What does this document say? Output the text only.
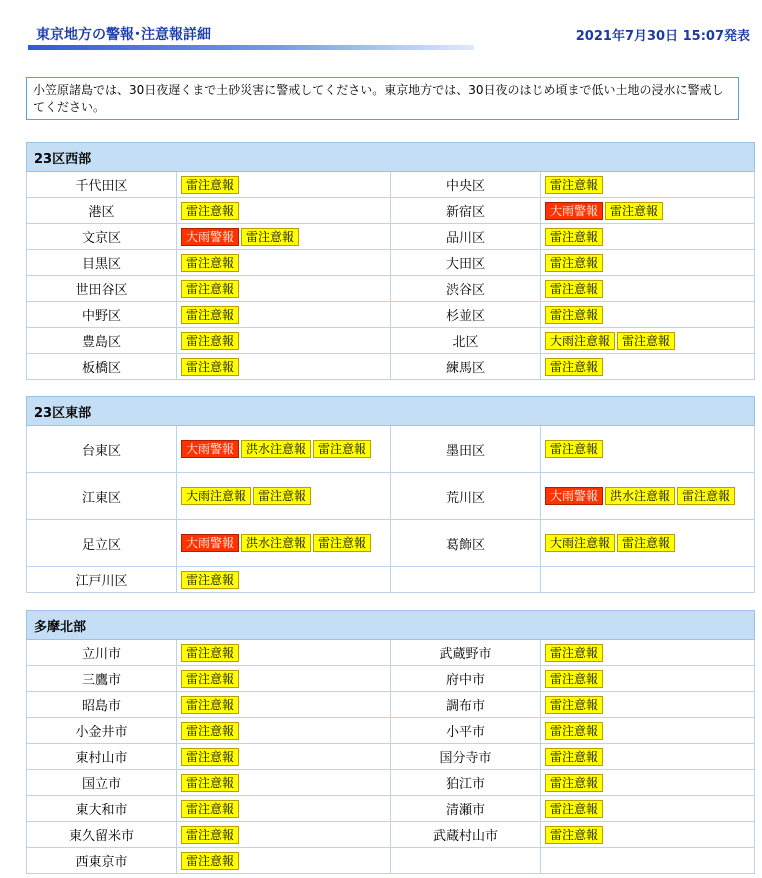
東京地方の警報･注意報詳細	2021年7月30日 15:07発表
小笠原諸島では、30日夜遅くまで土砂災害に警戒してください。東京地方では、30日夜のはじめ頃まで低い土地の浸水に警戒してください。
23区西部			
千代田区	雷注意報	中央区	雷注意報
港区	雷注意報	新宿区	大雨警報 雷注意報
文京区	大雨警報 雷注意報	品川区	雷注意報
目黒区	雷注意報	大田区	雷注意報
世田谷区	雷注意報	渋谷区	雷注意報
中野区	雷注意報	杉並区	雷注意報
豊島区	雷注意報	北区	大雨注意報 雷注意報
板橋区	雷注意報	練馬区	雷注意報
23区東部			
台東区	大雨警報 洪水注意報 雷注意報	墨田区	雷注意報
江東区	大雨注意報 雷注意報	荒川区	大雨警報 洪水注意報 雷注意報
足立区	大雨警報 洪水注意報 雷注意報	葛飾区	大雨注意報 雷注意報
江戸川区	雷注意報		
多摩北部			
立川市	雷注意報	武蔵野市	雷注意報
三鷹市	雷注意報	府中市	雷注意報
昭島市	雷注意報	調布市	雷注意報
小金井市	雷注意報	小平市	雷注意報
東村山市	雷注意報	国分寺市	雷注意報
国立市	雷注意報	狛江市	雷注意報
東大和市	雷注意報	清瀬市	雷注意報
東久留米市	雷注意報	武蔵村山市	雷注意報
西東京市	雷注意報		
